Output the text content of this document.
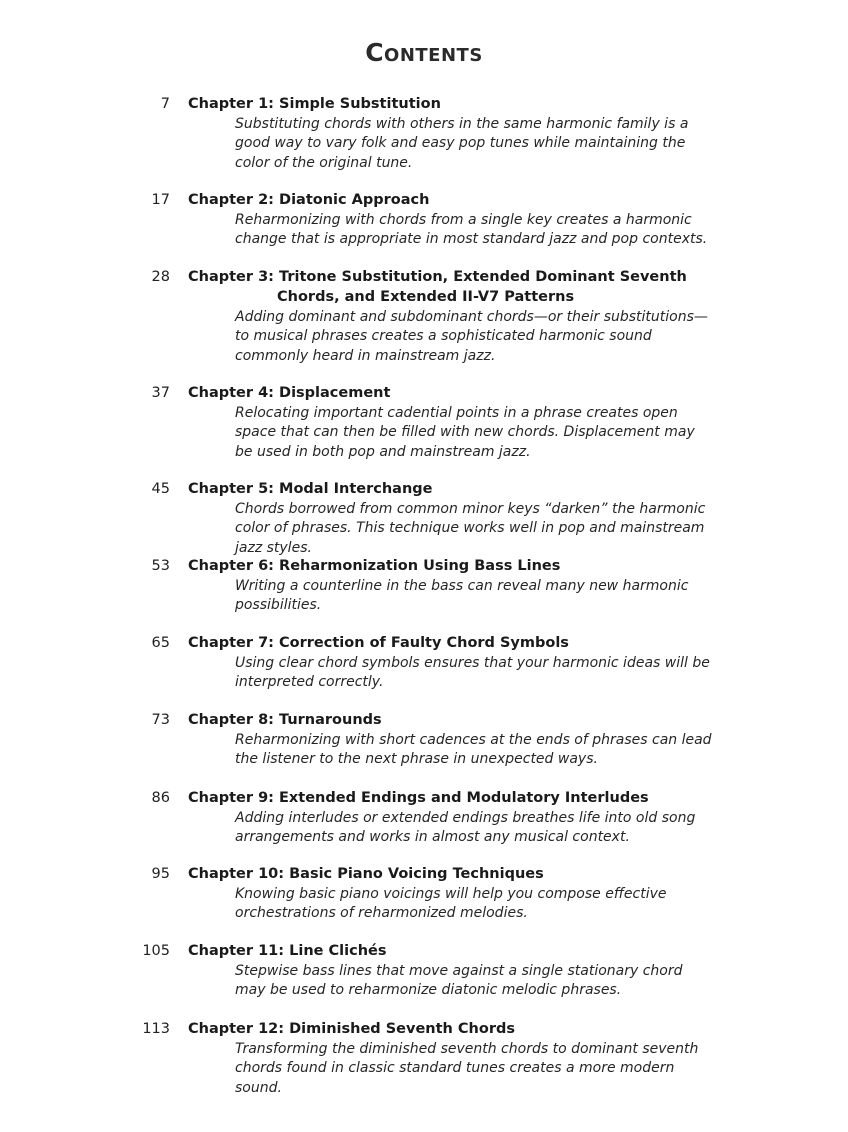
Contents
7 Chapter 1: Simple Substitution
Substituting chords with others in the same harmonic family is a good way to vary folk and easy pop tunes while maintaining the color of the original tune.
17 Chapter 2: Diatonic Approach
Reharmonizing with chords from a single key creates a harmonic change that is appropriate in most standard jazz and pop contexts.
28 Chapter 3: Tritone Substitution, Extended Dominant Seventh
Chords, and Extended II-V7 Patterns
Adding dominant and subdominant chords—or their substitutions—to musical phrases creates a sophisticated harmonic sound commonly heard in mainstream jazz.
37 Chapter 4: Displacement
Relocating important cadential points in a phrase creates open space that can then be filled with new chords. Displacement may be used in both pop and mainstream jazz.
45 Chapter 5: Modal Interchange
Chords borrowed from common minor keys “darken” the harmonic color of phrases. This technique works well in pop and mainstream jazz styles.
53 Chapter 6: Reharmonization Using Bass Lines
Writing a counterline in the bass can reveal many new harmonic possibilities.
65 Chapter 7: Correction of Faulty Chord Symbols
Using clear chord symbols ensures that your harmonic ideas will be interpreted correctly.
73 Chapter 8: Turnarounds
Reharmonizing with short cadences at the ends of phrases can lead the listener to the next phrase in unexpected ways.
86 Chapter 9: Extended Endings and Modulatory Interludes
Adding interludes or extended endings breathes life into old song arrangements and works in almost any musical context.
95 Chapter 10: Basic Piano Voicing Techniques
Knowing basic piano voicings will help you compose effective orchestrations of reharmonized melodies.
105 Chapter 11: Line Clichés
Stepwise bass lines that move against a single stationary chord may be used to reharmonize diatonic melodic phrases.
113 Chapter 12: Diminished Seventh Chords
Transforming the diminished seventh chords to dominant seventh chords found in classic standard tunes creates a more modern sound.
